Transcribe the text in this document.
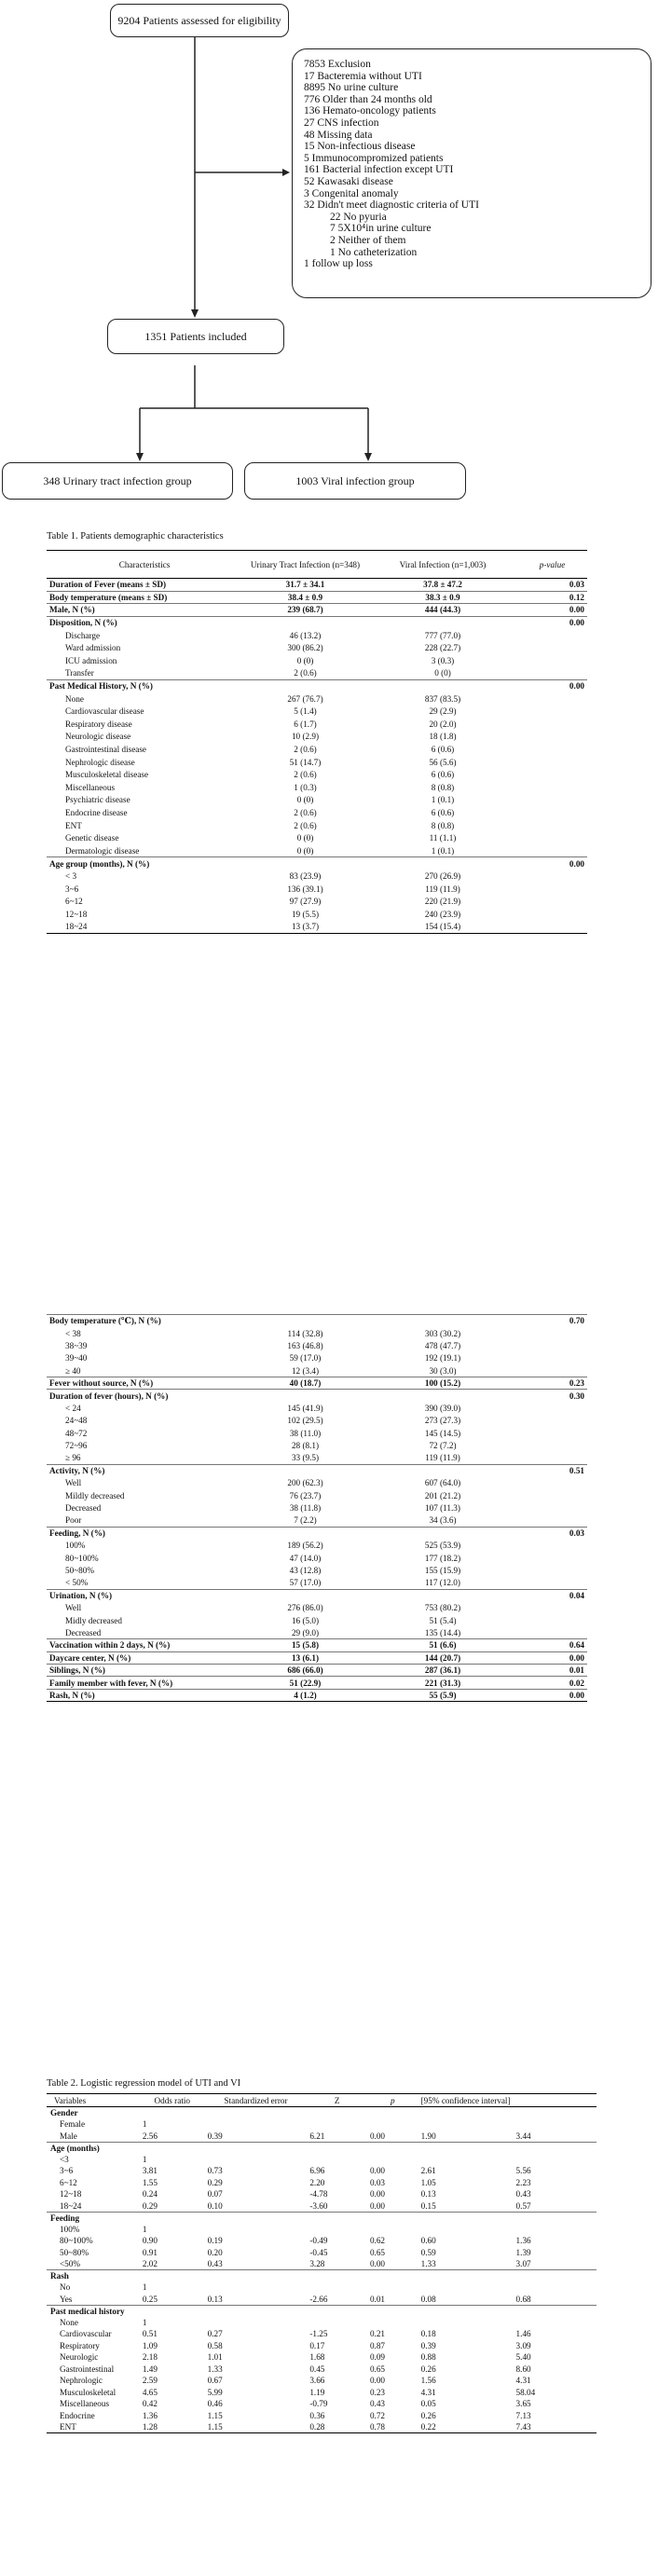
9204 Patients assessed for eligibility
7853 Exclusion
17 Bacteremia without UTI
8895 No urine culture
776 Older than 24 months old
136 Hemato-oncology patients
27 CNS infection
48 Missing data
15 Non-infectious disease
5 Immunocompromized patients
161 Bacterial infection except UTI
52 Kawasaki disease
3 Congenital anomaly
32 Didn't meet diagnostic criteria of UTI
22 No pyuria
7 5X10⁴in urine culture
2 Neither of them
1 No catheterization
1 follow up loss
1351 Patients included
348 Urinary tract infection group	1003 Viral infection group
Table 1. Patients demographic characteristics
Characteristics	Urinary Tract Infection (n=348)	Viral Infection (n=1,003)	p-value
Duration of Fever (means ± SD)	31.7 ± 34.1	37.8 ± 47.2	0.03
Body temperature (means ± SD)	38.4 ± 0.9	38.3 ± 0.9	0.12
Male, N (%)	239 (68.7)	444 (44.3)	0.00
Disposition, N (%)			0.00
Discharge	46 (13.2)	777 (77.0)	
Ward admission	300 (86.2)	228 (22.7)	
ICU admission	0 (0)	3 (0.3)	
Transfer	2 (0.6)	0 (0)	
Past Medical History, N (%)			0.00
None	267 (76.7)	837 (83.5)	
Cardiovascular disease	5 (1.4)	29 (2.9)	
Respiratory disease	6 (1.7)	20 (2.0)	
Neurologic disease	10 (2.9)	18 (1.8)	
Gastrointestinal disease	2 (0.6)	6 (0.6)	
Nephrologic disease	51 (14.7)	56 (5.6)	
Musculoskeletal disease	2 (0.6)	6 (0.6)	
Miscellaneous	1 (0.3)	8 (0.8)	
Psychiatric disease	0 (0)	1 (0.1)	
Endocrine disease	2 (0.6)	6 (0.6)	
ENT	2 (0.6)	8 (0.8)	
Genetic disease	0 (0)	11 (1.1)	
Dermatologic disease	0 (0)	1 (0.1)	
Age group (months), N (%)			0.00
< 3	83 (23.9)	270 (26.9)	
3~6	136 (39.1)	119 (11.9)	
6~12	97 (27.9)	220 (21.9)	
12~18	19 (5.5)	240 (23.9)	
18~24	13 (3.7)	154 (15.4)	
Body temperature (℃), N (%)			0.70
< 38	114 (32.8)	303 (30.2)	
38~39	163 (46.8)	478 (47.7)	
39~40	59 (17.0)	192 (19.1)	
≥ 40	12 (3.4)	30 (3.0)	
Fever without source, N (%)	40 (18.7)	100 (15.2)	0.23
Duration of fever (hours), N (%)			0.30
< 24	145 (41.9)	390 (39.0)	
24~48	102 (29.5)	273 (27.3)	
48~72	38 (11.0)	145 (14.5)	
72~96	28 (8.1)	72 (7.2)	
≥ 96	33 (9.5)	119 (11.9)	
Activity, N (%)			0.51
Well	200 (62.3)	607 (64.0)	
Mildly decreased	76 (23.7)	201 (21.2)	
Decreased	38 (11.8)	107 (11.3)	
Poor	7 (2.2)	34 (3.6)	
Feeding, N (%)			0.03
100%	189 (56.2)	525 (53.9)	
80~100%	47 (14.0)	177 (18.2)	
50~80%	43 (12.8)	155 (15.9)	
< 50%	57 (17.0)	117 (12.0)	
Urination, N (%)			0.04
Well	276 (86.0)	753 (80.2)	
Midly decreased	16 (5.0)	51 (5.4)	
Decreased	29 (9.0)	135 (14.4)	
Vaccination within 2 days, N (%)	15 (5.8)	51 (6.6)	0.64
Daycare center, N (%)	13 (6.1)	144 (20.7)	0.00
Siblings, N (%)	686 (66.0)	287 (36.1)	0.01
Family member with fever, N (%)	51 (22.9)	221 (31.3)	0.02
Rash, N (%)	4 (1.2)	55 (5.9)	0.00
Table 2. Logistic regression model of UTI and VI
Variables	Odds ratio	Standardized error	Z	p	[95% confidence interval]	
Gender						
Female	1					
Male	2.56	0.39	6.21	0.00	1.90	3.44
Age (months)						
<3	1					
3~6	3.81	0.73	6.96	0.00	2.61	5.56
6~12	1.55	0.29	2.20	0.03	1.05	2.23
12~18	0.24	0.07	-4.78	0.00	0.13	0.43
18~24	0.29	0.10	-3.60	0.00	0.15	0.57
Feeding						
100%	1					
80~100%	0.90	0.19	-0.49	0.62	0.60	1.36
50~80%	0.91	0.20	-0.45	0.65	0.59	1.39
<50%	2.02	0.43	3.28	0.00	1.33	3.07
Rash						
No	1					
Yes	0.25	0.13	-2.66	0.01	0.08	0.68
Past medical history						
None	1					
Cardiovascular	0.51	0.27	-1.25	0.21	0.18	1.46
Respiratory	1.09	0.58	0.17	0.87	0.39	3.09
Neurologic	2.18	1.01	1.68	0.09	0.88	5.40
Gastrointestinal	1.49	1.33	0.45	0.65	0.26	8.60
Nephrologic	2.59	0.67	3.66	0.00	1.56	4.31
Musculoskeletal	4.65	5.99	1.19	0.23	4.31	58.04
Miscellaneous	0.42	0.46	-0.79	0.43	0.05	3.65
Endocrine	1.36	1.15	0.36	0.72	0.26	7.13
ENT	1.28	1.15	0.28	0.78	0.22	7.43
